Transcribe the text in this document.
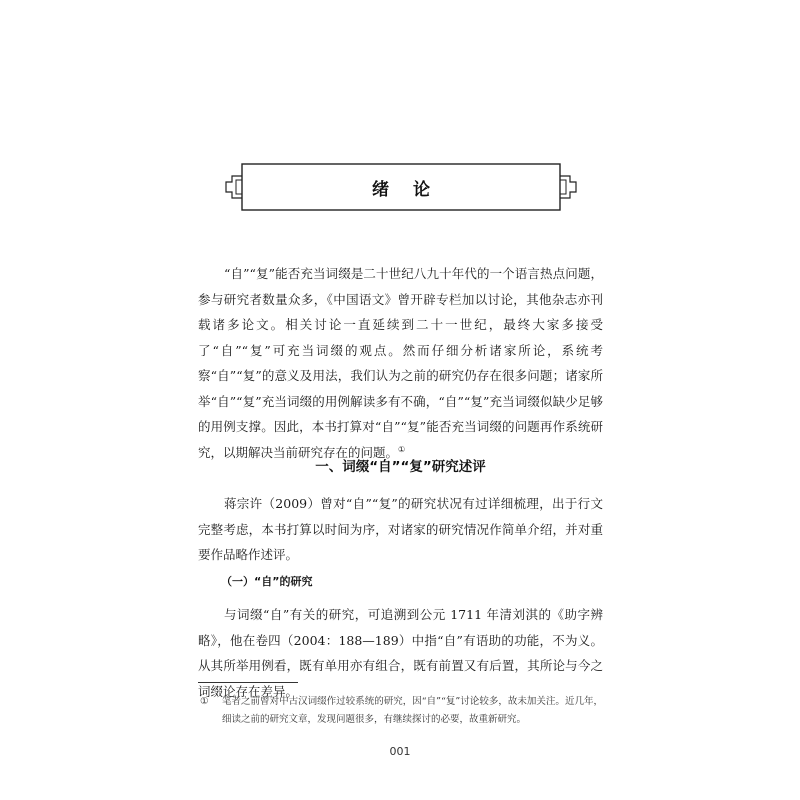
绪论

“自”“复”能否充当词缀是二十世纪八九十年代的一个语言热点问题，参与研究者数量众多，《中国语文》曾开辟专栏加以讨论，其他杂志亦刊载诸多论文。相关讨论一直延续到二十一世纪，最终大家多接受了“自”“复”可充当词缀的观点。然而仔细分析诸家所论，系统考察“自”“复”的意义及用法，我们认为之前的研究仍存在很多问题；诸家所举“自”“复”充当词缀的用例解读多有不确，“自”“复”充当词缀似缺少足够的用例支撑。因此，本书打算对“自”“复”能否充当词缀的问题再作系统研究，以期解决当前研究存在的问题。①

一、词缀“自”“复”研究述评

蒋宗许（2009）曾对“自”“复”的研究状况有过详细梳理，出于行文完整考虑，本书打算以时间为序，对诸家的研究情况作简单介绍，并对重要作品略作述评。

（一）“自”的研究

与词缀“自”有关的研究，可追溯到公元 1711 年清刘淇的《助字辨略》，他在卷四（2004：188—189）中指“自”有语助的功能，不为义。从其所举用例看，既有单用亦有组合，既有前置又有后置，其所论与今之词缀论存在差异。

① 笔者之前曾对中古汉词缀作过较系统的研究，因“自”“复”讨论较多，故未加关注。近几年，细读之前的研究文章，发现问题很多，有继续探讨的必要，故重新研究。
001
